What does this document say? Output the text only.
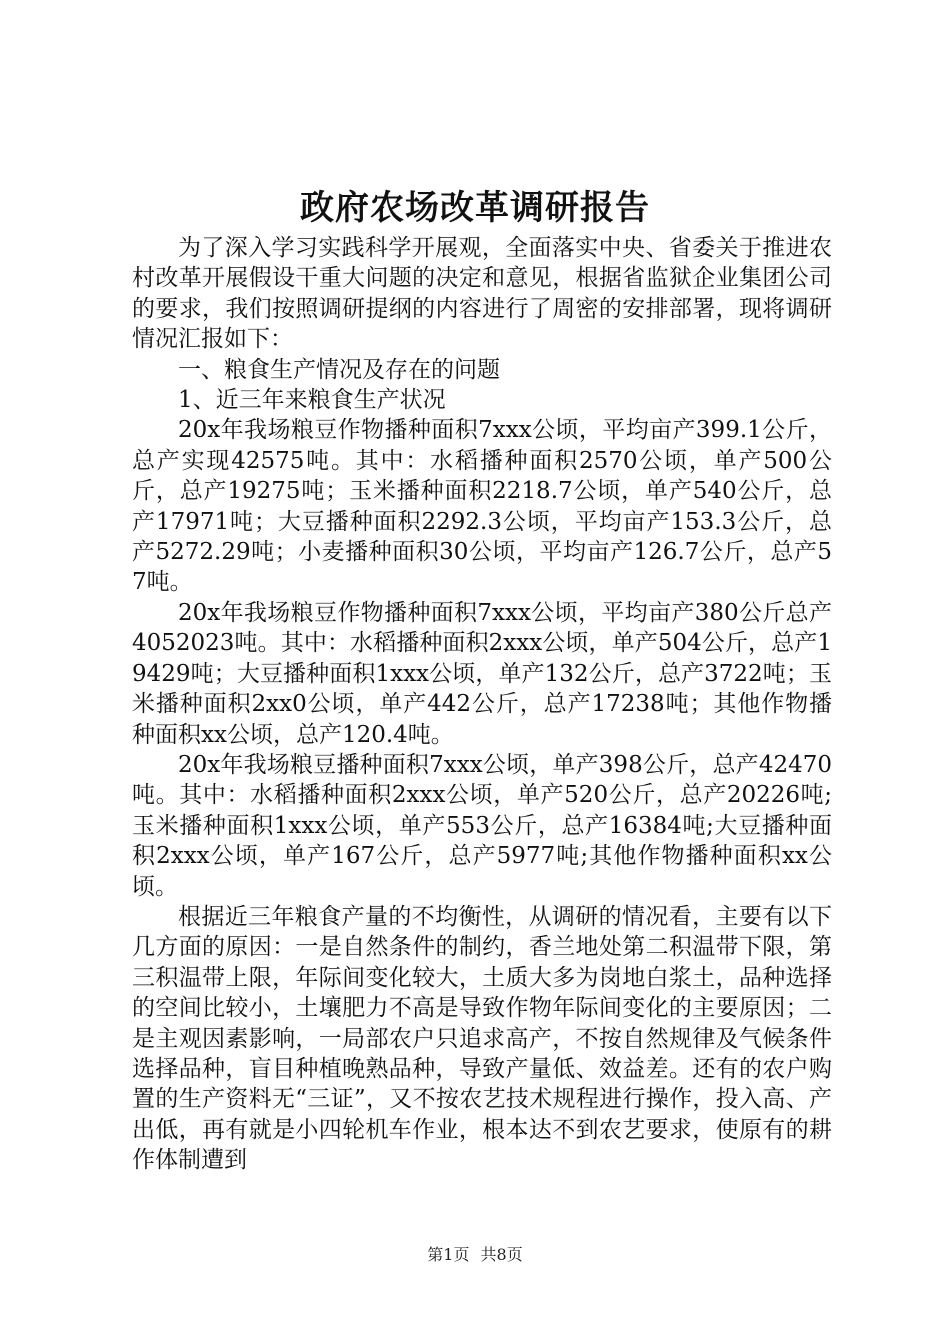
政府农场改革调研报告

为了深入学习实践科学开展观，全面落实中央、省委关于推进农村改革开展假设干重大问题的决定和意见，根据省监狱企业集团公司的要求，我们按照调研提纲的内容进行了周密的安排部署，现将调研情况汇报如下：

一、粮食生产情况及存在的问题

1、近三年来粮食生产状况

20x年我场粮豆作物播种面积7xxx公顷，平均亩产399.1公斤，总产实现42575吨。其中：水稻播种面积2570公顷，单产500公斤，总产19275吨；玉米播种面积2218.7公顷，单产540公斤，总产17971吨；大豆播种面积2292.3公顷，平均亩产153.3公斤，总产5272.29吨；小麦播种面积30公顷，平均亩产126.7公斤，总产57吨。

20x年我场粮豆作物播种面积7xxx公顷，平均亩产380公斤总产4052023吨。其中：水稻播种面积2xxx公顷，单产504公斤，总产19429吨；大豆播种面积1xxx公顷，单产132公斤，总产3722吨；玉米播种面积2xx0公顷，单产442公斤，总产17238吨；其他作物播种面积xx公顷，总产120.4吨。

20x年我场粮豆播种面积7xxx公顷，单产398公斤，总产42470吨。其中：水稻播种面积2xxx公顷，单产520公斤，总产20226吨;玉米播种面积1xxx公顷，单产553公斤，总产16384吨;大豆播种面积2xxx公顷，单产167公斤，总产5977吨;其他作物播种面积xx公顷。

根据近三年粮食产量的不均衡性，从调研的情况看，主要有以下几方面的原因：一是自然条件的制约，香兰地处第二积温带下限，第三积温带上限，年际间变化较大，土质大多为岗地白浆土，品种选择的空间比较小，土壤肥力不高是导致作物年际间变化的主要原因；二是主观因素影响，一局部农户只追求高产，不按自然规律及气候条件选择品种，盲目种植晚熟品种，导致产量低、效益差。还有的农户购置的生产资料无“三证”，又不按农艺技术规程进行操作，投入高、产出低，再有就是小四轮机车作业，根本达不到农艺要求，使原有的耕作体制遭到

第1页 共8页
